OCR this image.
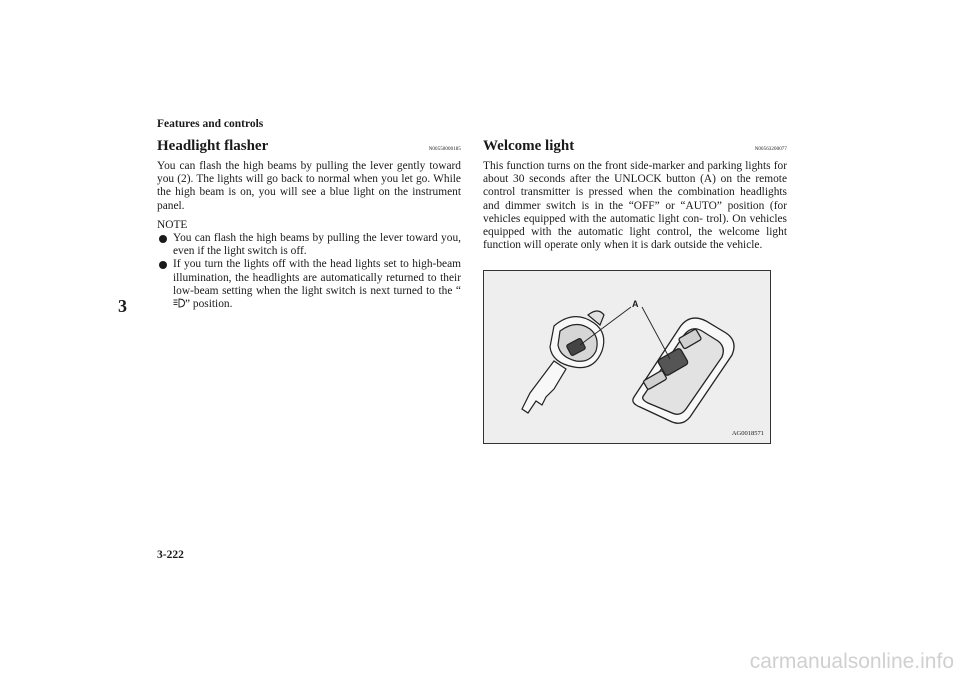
Features and controls
3
Headlight flasher	N00550000185

You can flash the high beams by pulling the lever gently toward you (2). The lights will go back to normal when you let go. While the high beam is on, you will see a blue light on the instrument panel.

NOTE
You can flash the high beams by pulling the lever toward you, even if the light switch is off.
If you turn the lights off with the head lights set to high-beam illumination, the headlights are automatically returned to their low-beam setting when the light switch is next turned to the “” position.
Welcome light	N00563200077

This function turns on the front side-marker and parking lights for about 30 seconds after the UNLOCK button (A) on the remote control transmitter is pressed when the combination headlights and dimmer switch is in the “OFF” or “AUTO” position (for vehicles equipped with the automatic light con- trol). On vehicles equipped with the automatic light control, the welcome light function will operate only when it is dark outside the vehicle.

A
AG0018571
3-222
carmanualsonline.info
